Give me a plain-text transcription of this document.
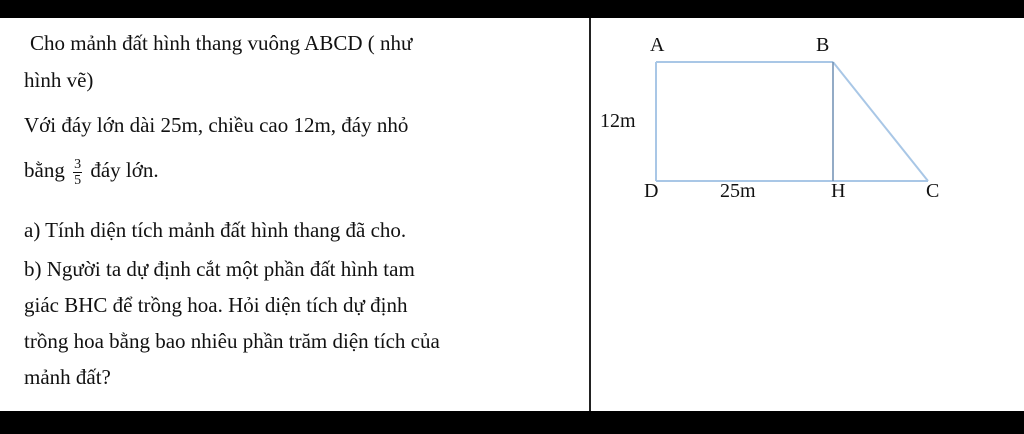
Cho mảnh đất hình thang vuông ABCD ( như
hình vẽ)
Với đáy lớn dài 25m, chiều cao 12m, đáy nhỏ
bằng $\frac{3}{5}$ đáy lớn.
a) Tính diện tích mảnh đất hình thang đã cho.
b) Người ta dự định cắt một phần đất hình tam
giác BHC để trồng hoa. Hỏi diện tích dự định
trồng hoa bằng bao nhiêu phần trăm diện tích của
mảnh đất?
A	B
12m
D	25m	H	C
